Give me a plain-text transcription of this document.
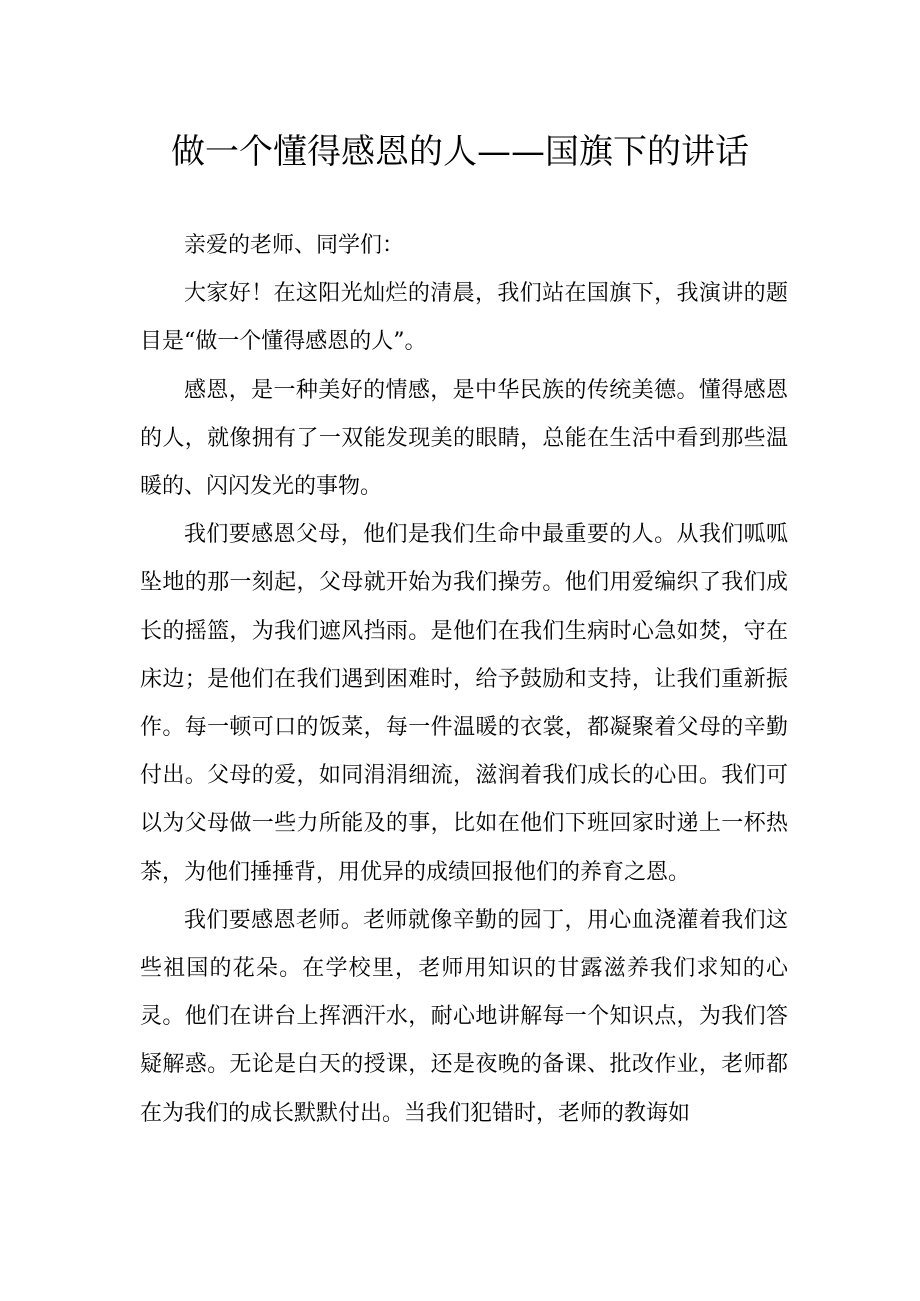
做一个懂得感恩的人——国旗下的讲话

亲爱的老师、同学们：

大家好！在这阳光灿烂的清晨，我们站在国旗下，我演讲的题目是“做一个懂得感恩的人”。

感恩，是一种美好的情感，是中华民族的传统美德。懂得感恩的人，就像拥有了一双能发现美的眼睛，总能在生活中看到那些温暖的、闪闪发光的事物。

我们要感恩父母，他们是我们生命中最重要的人。从我们呱呱坠地的那一刻起，父母就开始为我们操劳。他们用爱编织了我们成长的摇篮，为我们遮风挡雨。是他们在我们生病时心急如焚，守在床边；是他们在我们遇到困难时，给予鼓励和支持，让我们重新振作。每一顿可口的饭菜，每一件温暖的衣裳，都凝聚着父母的辛勤付出。父母的爱，如同涓涓细流，滋润着我们成长的心田。我们可以为父母做一些力所能及的事，比如在他们下班回家时递上一杯热茶，为他们捶捶背，用优异的成绩回报他们的养育之恩。

我们要感恩老师。老师就像辛勤的园丁，用心血浇灌着我们这些祖国的花朵。在学校里，老师用知识的甘露滋养我们求知的心灵。他们在讲台上挥洒汗水，耐心地讲解每一个知识点，为我们答疑解惑。无论是白天的授课，还是夜晚的备课、批改作业，老师都在为我们的成长默默付出。当我们犯错时，老师的教诲如
